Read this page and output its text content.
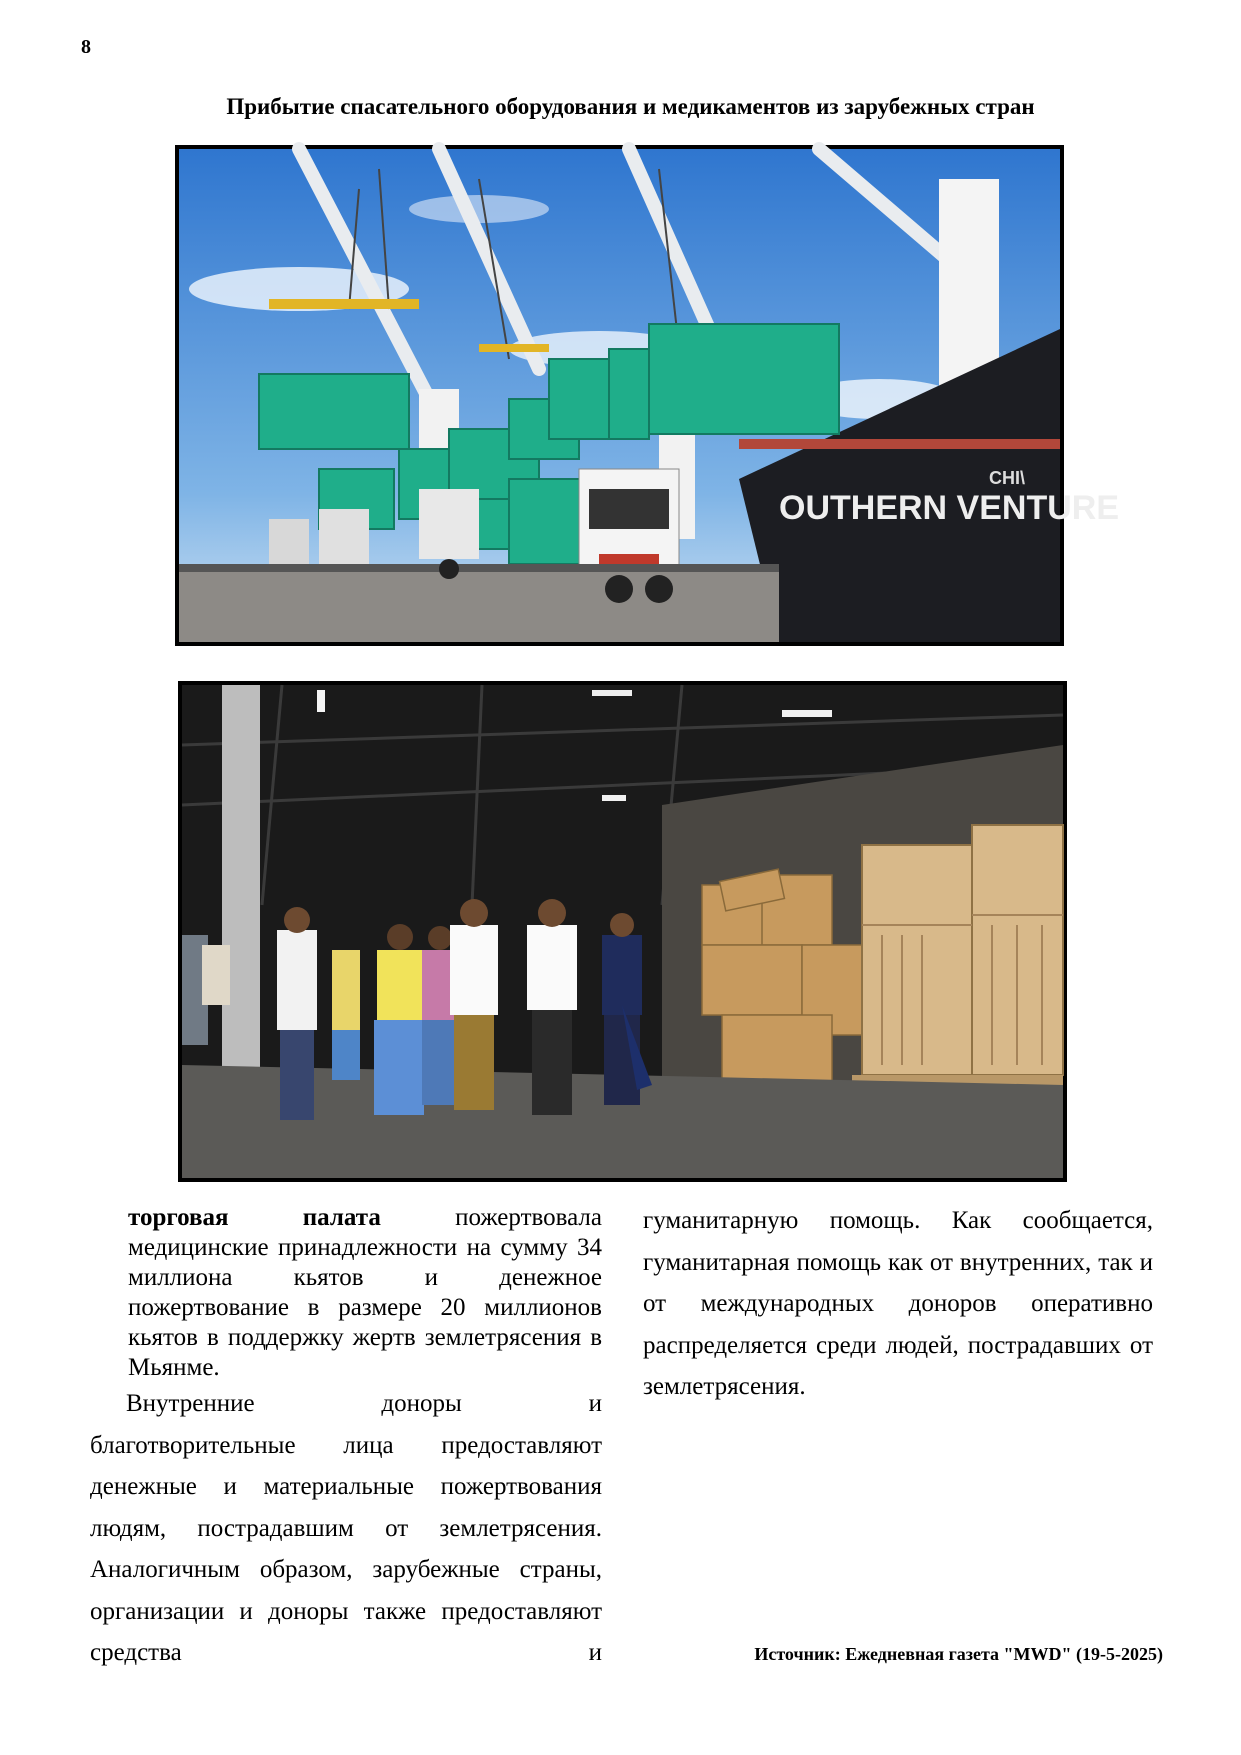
8
Прибытие спасательного оборудования и медикаментов из зарубежных стран
OUTHERN VENTURE
CHI\
торговая палата пожертвовала медицинские принадлежности на сумму 34 миллиона кьятов и денежное пожертвование в размере 20 миллионов кьятов в поддержку жертв землетрясения в Мьянме.
Внутренние доноры и
благотворительные лица предоставляют денежные и материальные пожертвования людям, пострадавшим от землетрясения. Аналогичным образом, зарубежные страны, организации и доноры также предоставляют средства и
гуманитарную помощь. Как сообщается, гуманитарная помощь как от внутренних, так и от международных доноров оперативно распределяется среди людей, пострадавших от землетрясения.
Источник: Ежедневная газета "MWD" (19-5-2025)
